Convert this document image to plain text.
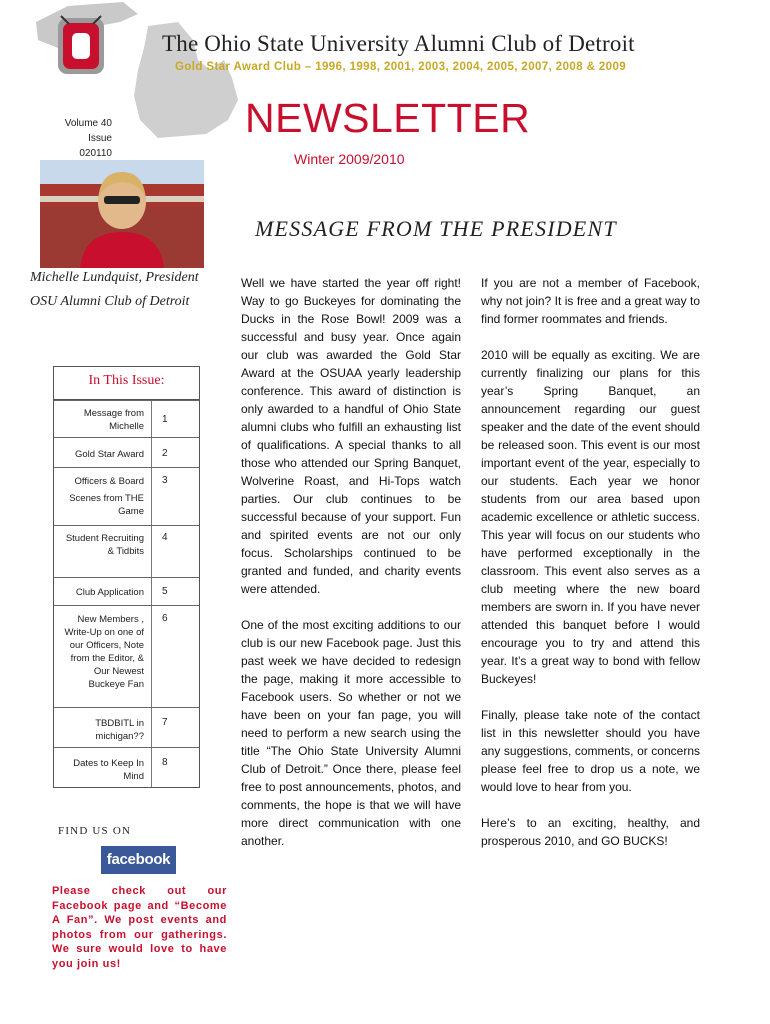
The Ohio State University Alumni Club of Detroit
Gold Star Award Club – 1996, 1998, 2001, 2003, 2004, 2005, 2007, 2008 & 2009
Volume 40
Issue 020110
NEWSLETTER
Winter 2009/2010
Michelle Lundquist, President
OSU Alumni Club of Detroit
MESSAGE FROM THE PRESIDENT
In This Issue:
Message from Michelle
1
Gold Star Award 2
Officers & Board 3
Scenes from THE Game
Student Recruiting & Tidbits
4
Club Application 5
New Members , Write-Up on one of our Officers, Note from the Editor, & Our Newest Buckeye Fan
6
TBDBITL in michigan??
7
Dates to Keep In Mind
8
FIND US ON
facebook
Please check out our Facebook page and “Become A Fan”. We post events and photos from our gatherings. We sure would love to have you join us!

Well we have started the year off right! Way to go Buckeyes for dominating the Ducks in the Rose Bowl! 2009 was a successful and busy year. Once again our club was awarded the Gold Star Award at the OSUAA yearly leadership conference. This award of distinction is only awarded to a handful of Ohio State alumni clubs who fulfill an exhausting list of qualifications. A special thanks to all those who attended our Spring Banquet, Wolverine Roast, and Hi-Tops watch parties. Our club continues to be successful because of your support. Fun and spirited events are not our only focus. Scholarships continued to be granted and funded, and charity events were attended.

One of the most exciting additions to our club is our new Facebook page. Just this past week we have decided to redesign the page, making it more accessible to Facebook users. So whether or not we have been on your fan page, you will need to perform a new search using the title “The Ohio State University Alumni Club of Detroit.” Once there, please feel free to post announcements, photos, and comments, the hope is that we will have more direct communication with one another.

If you are not a member of Facebook, why not join? It is free and a great way to find former roommates and friends.

2010 will be equally as exciting. We are currently finalizing our plans for this year’s Spring Banquet, an announcement regarding our guest speaker and the date of the event should be released soon. This event is our most important event of the year, especially to our students. Each year we honor students from our area based upon academic excellence or athletic success. This year will focus on our students who have performed exceptionally in the classroom. This event also serves as a club meeting where the new board members are sworn in. If you have never attended this banquet before I would encourage you to try and attend this year. It’s a great way to bond with fellow Buckeyes!

Finally, please take note of the contact list in this newsletter should you have any suggestions, comments, or concerns please feel free to drop us a note, we would love to hear from you.

Here’s to an exciting, healthy, and prosperous 2010, and GO BUCKS!
